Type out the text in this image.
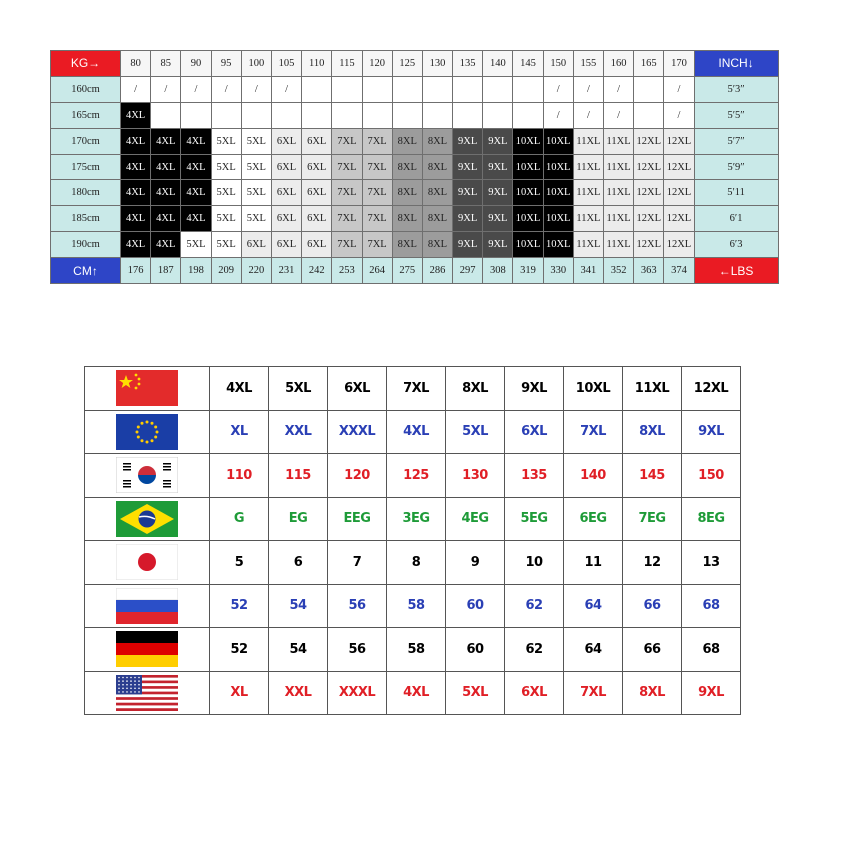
KG→	80	85	90	95	100	105	110	115	120	125	130	135	140	145	150	155	160	165	170	INCH↓
160cm	/	/	/	/	/	/									/	/	/		/	5′3″
165cm	4XL														/	/	/		/	5′5″
170cm	4XL	4XL	4XL	5XL	5XL	6XL	6XL	7XL	7XL	8XL	8XL	9XL	9XL	10XL	10XL	11XL	11XL	12XL	12XL	5′7″
175cm	4XL	4XL	4XL	5XL	5XL	6XL	6XL	7XL	7XL	8XL	8XL	9XL	9XL	10XL	10XL	11XL	11XL	12XL	12XL	5′9″
180cm	4XL	4XL	4XL	5XL	5XL	6XL	6XL	7XL	7XL	8XL	8XL	9XL	9XL	10XL	10XL	11XL	11XL	12XL	12XL	5′11
185cm	4XL	4XL	4XL	5XL	5XL	6XL	6XL	7XL	7XL	8XL	8XL	9XL	9XL	10XL	10XL	11XL	11XL	12XL	12XL	6′1
190cm	4XL	4XL	5XL	5XL	6XL	6XL	6XL	7XL	7XL	8XL	8XL	9XL	9XL	10XL	10XL	11XL	11XL	12XL	12XL	6′3
CM↑	176	187	198	209	220	231	242	253	264	275	286	297	308	319	330	341	352	363	374	←LBS
	4XL	5XL	6XL	7XL	8XL	9XL	10XL	11XL	12XL
	XL	XXL	XXXL	4XL	5XL	6XL	7XL	8XL	9XL
	110	115	120	125	130	135	140	145	150
	G	EG	EEG	3EG	4EG	5EG	6EG	7EG	8EG
	5	6	7	8	9	10	11	12	13
	52	54	56	58	60	62	64	66	68
	52	54	56	58	60	62	64	66	68
	XL	XXL	XXXL	4XL	5XL	6XL	7XL	8XL	9XL
